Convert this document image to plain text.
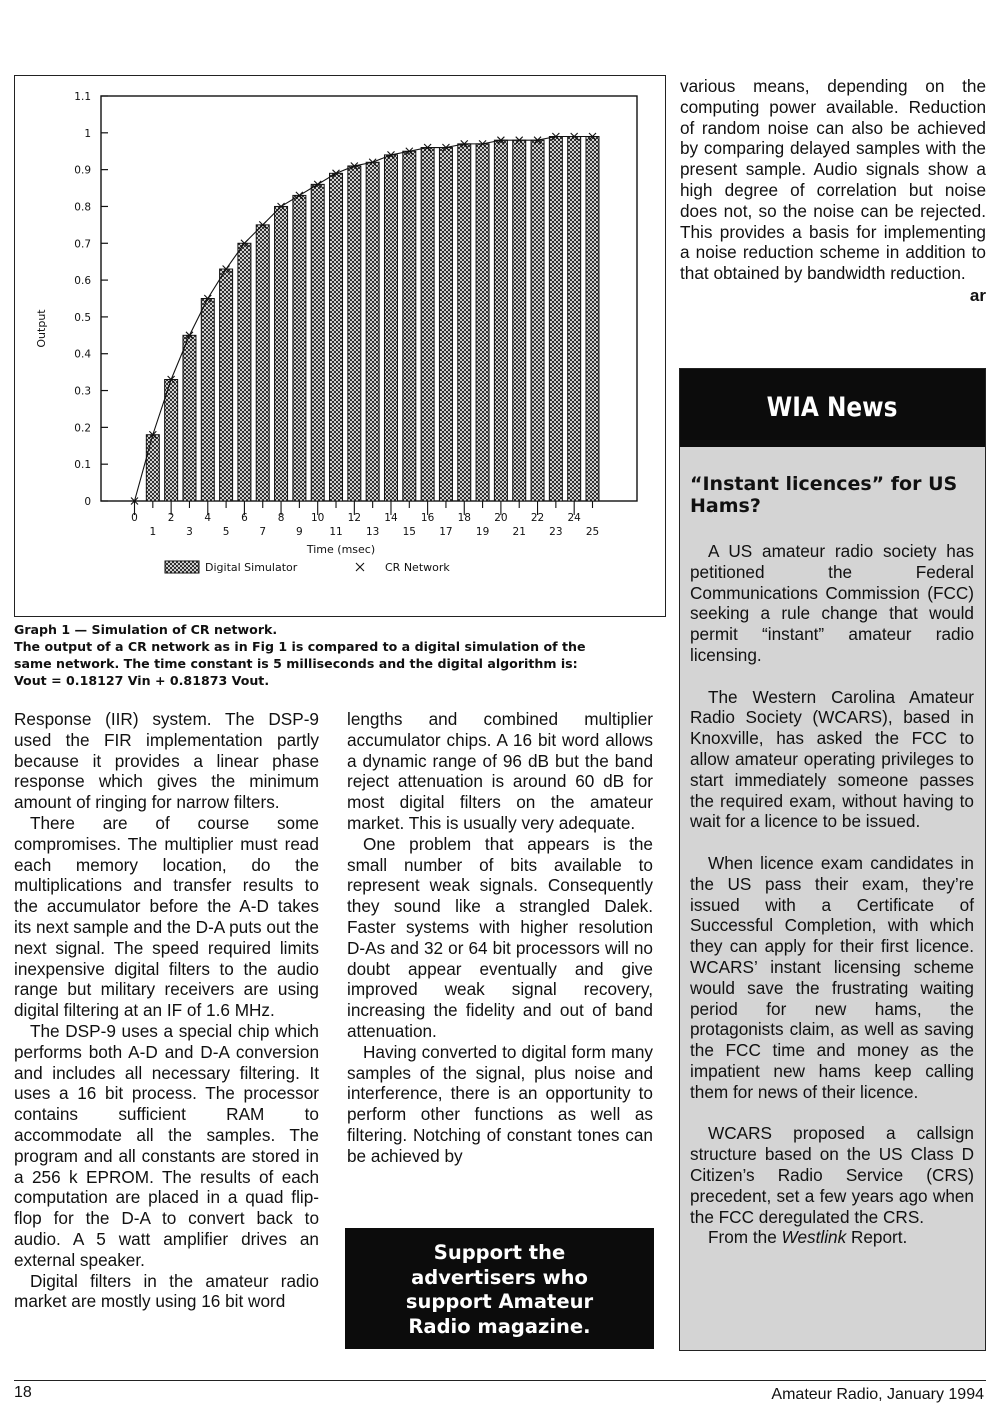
0
0.1
0.2
0.3
0.4
0.5
0.6
0.7
0.8
0.9
1
1.1
0	2	4	6	8	10 12 14 16 18 20 22 24
1	3	5	7	9	11 13 15 17 19 21 23 25
Time (msec)
Output
Digital Simulator	CR Network
Graph 1 — Simulation of CR network.
The output of a CR network as in Fig 1 is compared to a digital simulation of the
same network. The time constant is 5 milliseconds and the digital algorithm is:
Vout = 0.18127 Vin + 0.81873 Vout.

Response (IIR) system. The DSP-9 used the FIR implementation partly because it provides a linear phase response which gives the minimum amount of ringing for narrow filters.

There are of course some compromises. The multiplier must read each memory location, do the multiplications and transfer results to the accumulator before the A-D takes its next sample and the D-A puts out the next signal. The speed required limits inexpensive digital filters to the audio range but military receivers are using digital filtering at an IF of 1.6 MHz.

The DSP-9 uses a special chip which performs both A-D and D-A conversion and includes all necessary filtering. It uses a 16 bit process. The processor contains sufficient RAM to accommodate all the samples. The program and all constants are stored in a 256 k EPROM. The results of each computation are placed in a quad flip-flop for the D-A to convert back to audio. A 5 watt amplifier drives an external speaker.

Digital filters in the amateur radio market are mostly using 16 bit word

lengths and combined multiplier accumulator chips. A 16 bit word allows a dynamic range of 96 dB but the band reject attenuation is around 60 dB for most digital filters on the amateur market. This is usually very adequate.

One problem that appears is the small number of bits available to represent weak signals. Consequently they sound like a strangled Dalek. Faster systems with higher resolution D-As and 32 or 64 bit processors will no doubt appear eventually and give improved weak signal recovery, increasing the fidelity and out of band attenuation.

Having converted to digital form many samples of the signal, plus noise and interference, there is an opportunity to perform other functions as well as filtering. Notching of constant tones can be achieved by

Support the
advertisers who
support Amateur
Radio magazine.

various means, depending on the computing power available. Reduction of random noise can also be achieved by comparing delayed samples with the present sample. Audio signals show a high degree of correlation but noise does not, so the noise can be rejected. This provides a basis for implementing a noise reduction scheme in addition to that obtained by bandwidth reduction.

ar
WIA News
“Instant licences” for US Hams?

A US amateur radio society has petitioned the Federal Communications Commission (FCC) seeking a rule change that would permit “instant” amateur radio licensing.

The Western Carolina Amateur Radio Society (WCARS), based in Knoxville, has asked the FCC to allow amateur operating privileges to start immediately someone passes the required exam, without having to wait for a licence to be issued.

When licence exam candidates in the US pass their exam, they’re issued with a Certificate of Successful Completion, with which they can apply for their first licence. WCARS’ instant licensing scheme would save the frustrating waiting period for new hams, the protagonists claim, as well as saving the FCC time and money as the impatient new hams keep calling them for news of their licence.

WCARS proposed a callsign structure based on the US Class D Citizen’s Radio Service (CRS) precedent, set a few years ago when the FCC deregulated the CRS.

From the Westlink Report.

18	Amateur Radio, January 1994
